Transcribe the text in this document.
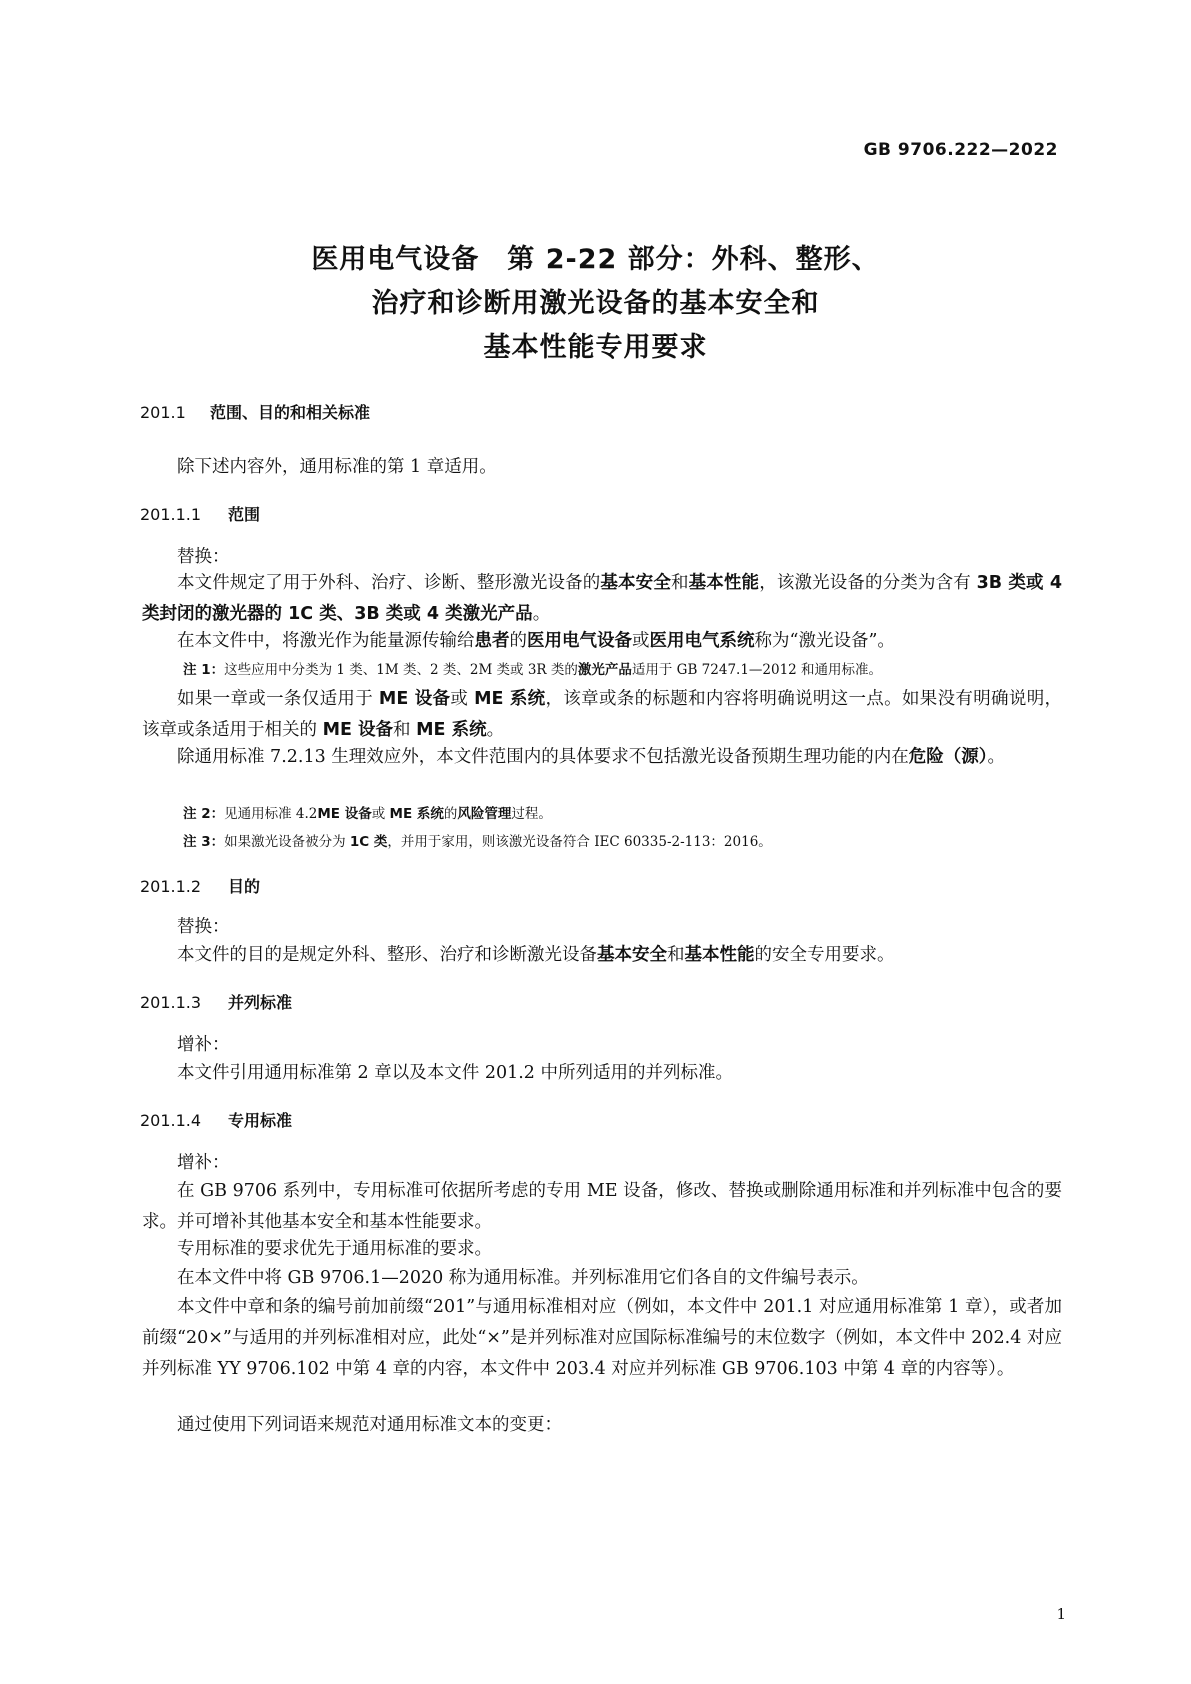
GB 9706.222—2022
医用电气设备　第 2-22 部分：外科、整形、
治疗和诊断用激光设备的基本安全和
基本性能专用要求
201.1 范围、目的和相关标准

除下述内容外，通用标准的第 1 章适用。

201.1.1 范围

替换：

本文件规定了用于外科、治疗、诊断、整形激光设备的基本安全和基本性能，该激光设备的分类为含有 3B 类或 4 类封闭的激光器的 1C 类、3B 类或 4 类激光产品。

在本文件中，将激光作为能量源传输给患者的医用电气设备或医用电气系统称为“激光设备”。

注 1：这些应用中分类为 1 类、1M 类、2 类、2M 类或 3R 类的激光产品适用于 GB 7247.1—2012 和通用标准。

如果一章或一条仅适用于 ME 设备或 ME 系统，该章或条的标题和内容将明确说明这一点。如果没有明确说明，该章或条适用于相关的 ME 设备和 ME 系统。

除通用标准 7.2.13 生理效应外，本文件范围内的具体要求不包括激光设备预期生理功能的内在危险（源）。

注 2：见通用标准 4.2ME 设备或 ME 系统的风险管理过程。

注 3：如果激光设备被分为 1C 类，并用于家用，则该激光设备符合 IEC 60335-2-113：2016。

201.1.2 目的

替换：

本文件的目的是规定外科、整形、治疗和诊断激光设备基本安全和基本性能的安全专用要求。

201.1.3 并列标准

增补：

本文件引用通用标准第 2 章以及本文件 201.2 中所列适用的并列标准。

201.1.4 专用标准

增补：

在 GB 9706 系列中，专用标准可依据所考虑的专用 ME 设备，修改、替换或删除通用标准和并列标准中包含的要求。并可增补其他基本安全和基本性能要求。

专用标准的要求优先于通用标准的要求。

在本文件中将 GB 9706.1—2020 称为通用标准。并列标准用它们各自的文件编号表示。

本文件中章和条的编号前加前缀“201”与通用标准相对应（例如，本文件中 201.1 对应通用标准第 1 章），或者加前缀“20×”与适用的并列标准相对应，此处“×”是并列标准对应国际标准编号的末位数字（例如，本文件中 202.4 对应并列标准 YY 9706.102 中第 4 章的内容，本文件中 203.4 对应并列标准 GB 9706.103 中第 4 章的内容等）。

通过使用下列词语来规范对通用标准文本的变更：

1
